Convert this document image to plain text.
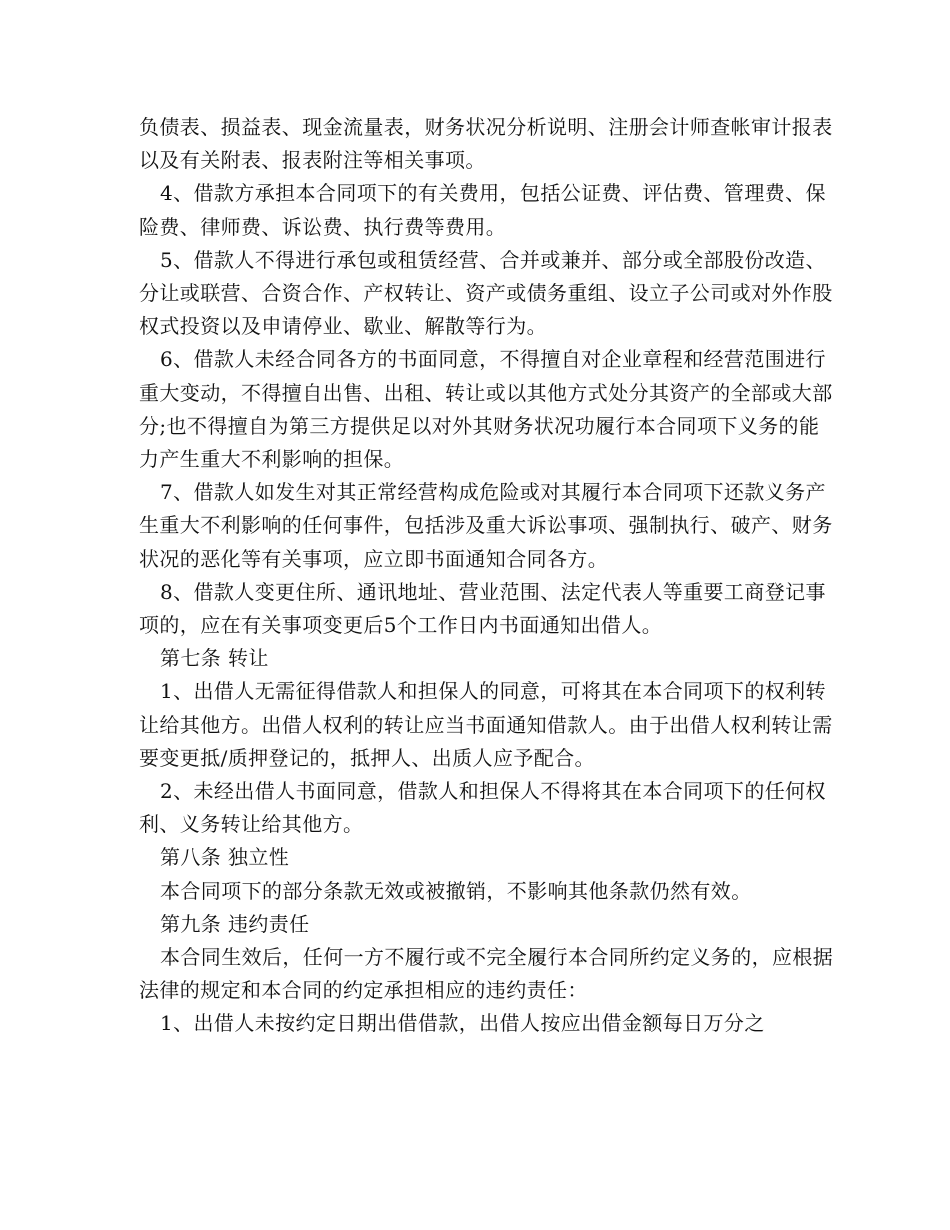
负债表、损益表、现金流量表，财务状况分析说明、注册会计师查帐审计报表以及有关附表、报表附注等相关事项。

4、借款方承担本合同项下的有关费用，包括公证费、评估费、管理费、保险费、律师费、诉讼费、执行费等费用。

5、借款人不得进行承包或租赁经营、合并或兼并、部分或全部股份改造、分让或联营、合资合作、产权转让、资产或债务重组、设立子公司或对外作股权式投资以及申请停业、歇业、解散等行为。

6、借款人未经合同各方的书面同意，不得擅自对企业章程和经营范围进行重大变动，不得擅自出售、出租、转让或以其他方式处分其资产的全部或大部分;也不得擅自为第三方提供足以对外其财务状况功履行本合同项下义务的能力产生重大不利影响的担保。

7、借款人如发生对其正常经营构成危险或对其履行本合同项下还款义务产生重大不利影响的任何事件，包括涉及重大诉讼事项、强制执行、破产、财务状况的恶化等有关事项，应立即书面通知合同各方。

8、借款人变更住所、通讯地址、营业范围、法定代表人等重要工商登记事项的，应在有关事项变更后5个工作日内书面通知出借人。

第七条 转让

1、出借人无需征得借款人和担保人的同意，可将其在本合同项下的权利转让给其他方。出借人权利的转让应当书面通知借款人。由于出借人权利转让需要变更抵/质押登记的，抵押人、出质人应予配合。

2、未经出借人书面同意，借款人和担保人不得将其在本合同项下的任何权利、义务转让给其他方。

第八条 独立性

本合同项下的部分条款无效或被撤销，不影响其他条款仍然有效。

第九条 违约责任

本合同生效后，任何一方不履行或不完全履行本合同所约定义务的，应根据法律的规定和本合同的约定承担相应的违约责任：

1、出借人未按约定日期出借借款，出借人按应出借金额每日万分之
